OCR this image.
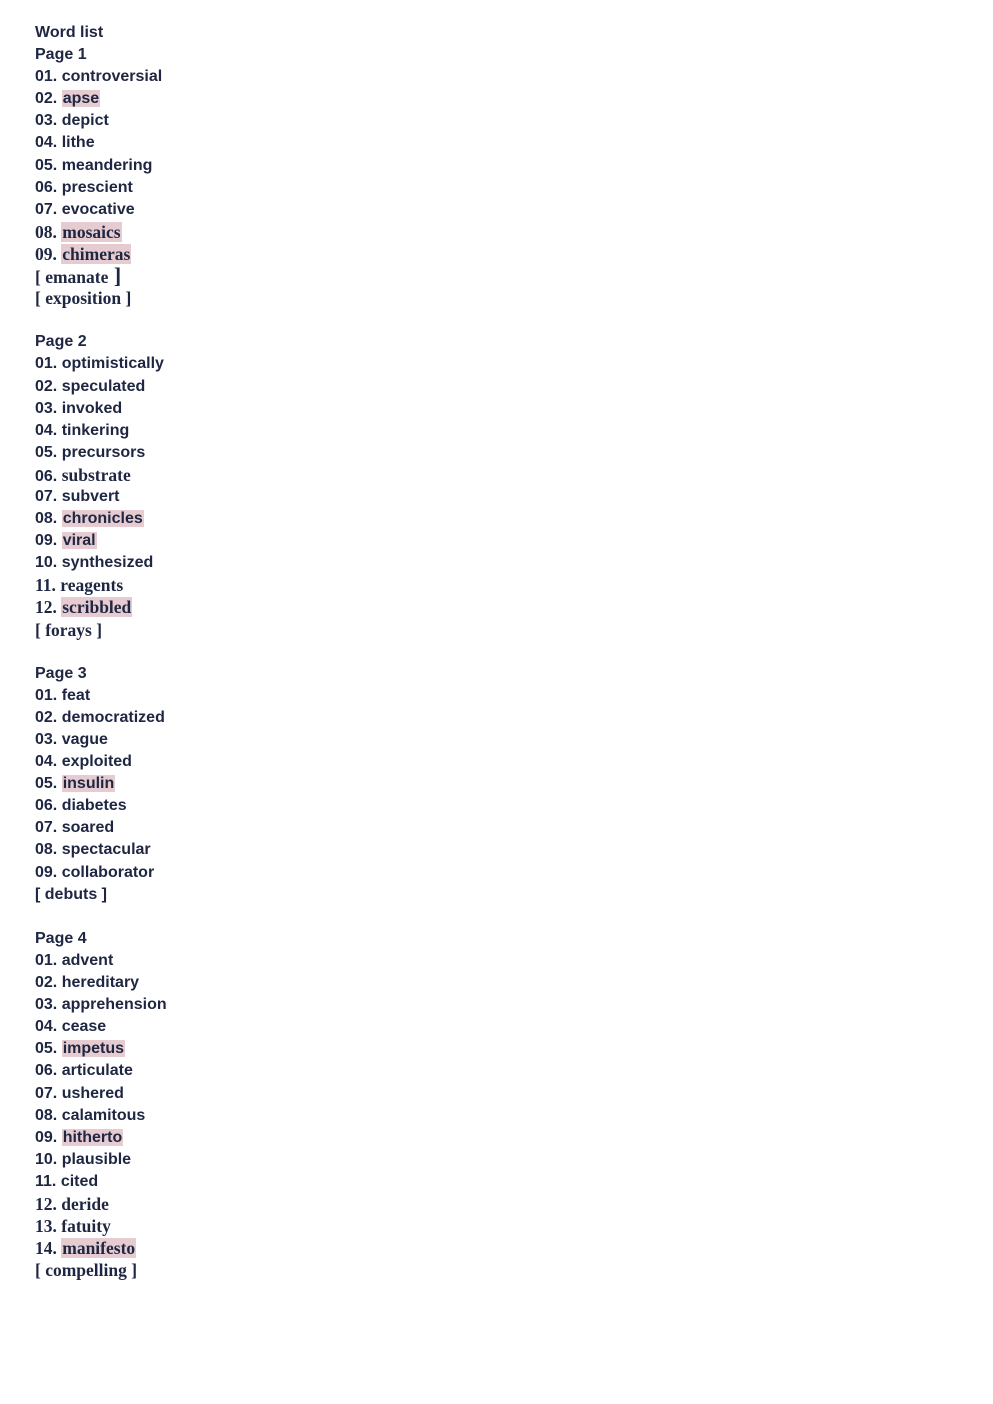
Word list
Page 1
01. controversial
02. apse
03. depict
04. lithe
05. meandering
06. prescient
07. evocative
08. mosaics
09. chimeras
[ emanate ]
[ exposition ]
Page 2
01. optimistically
02. speculated
03. invoked
04. tinkering
05. precursors
06. substrate
07. subvert
08. chronicles
09. viral
10. synthesized
11. reagents
12. scribbled
[ forays ]
Page 3
01. feat
02. democratized
03. vague
04. exploited
05. insulin
06. diabetes
07. soared
08. spectacular
09. collaborator
[ debuts ]
Page 4
01. advent
02. hereditary
03. apprehension
04. cease
05. impetus
06. articulate
07. ushered
08. calamitous
09. hitherto
10. plausible
11. cited
12. deride
13. fatuity
14. manifesto
[ compelling ]
